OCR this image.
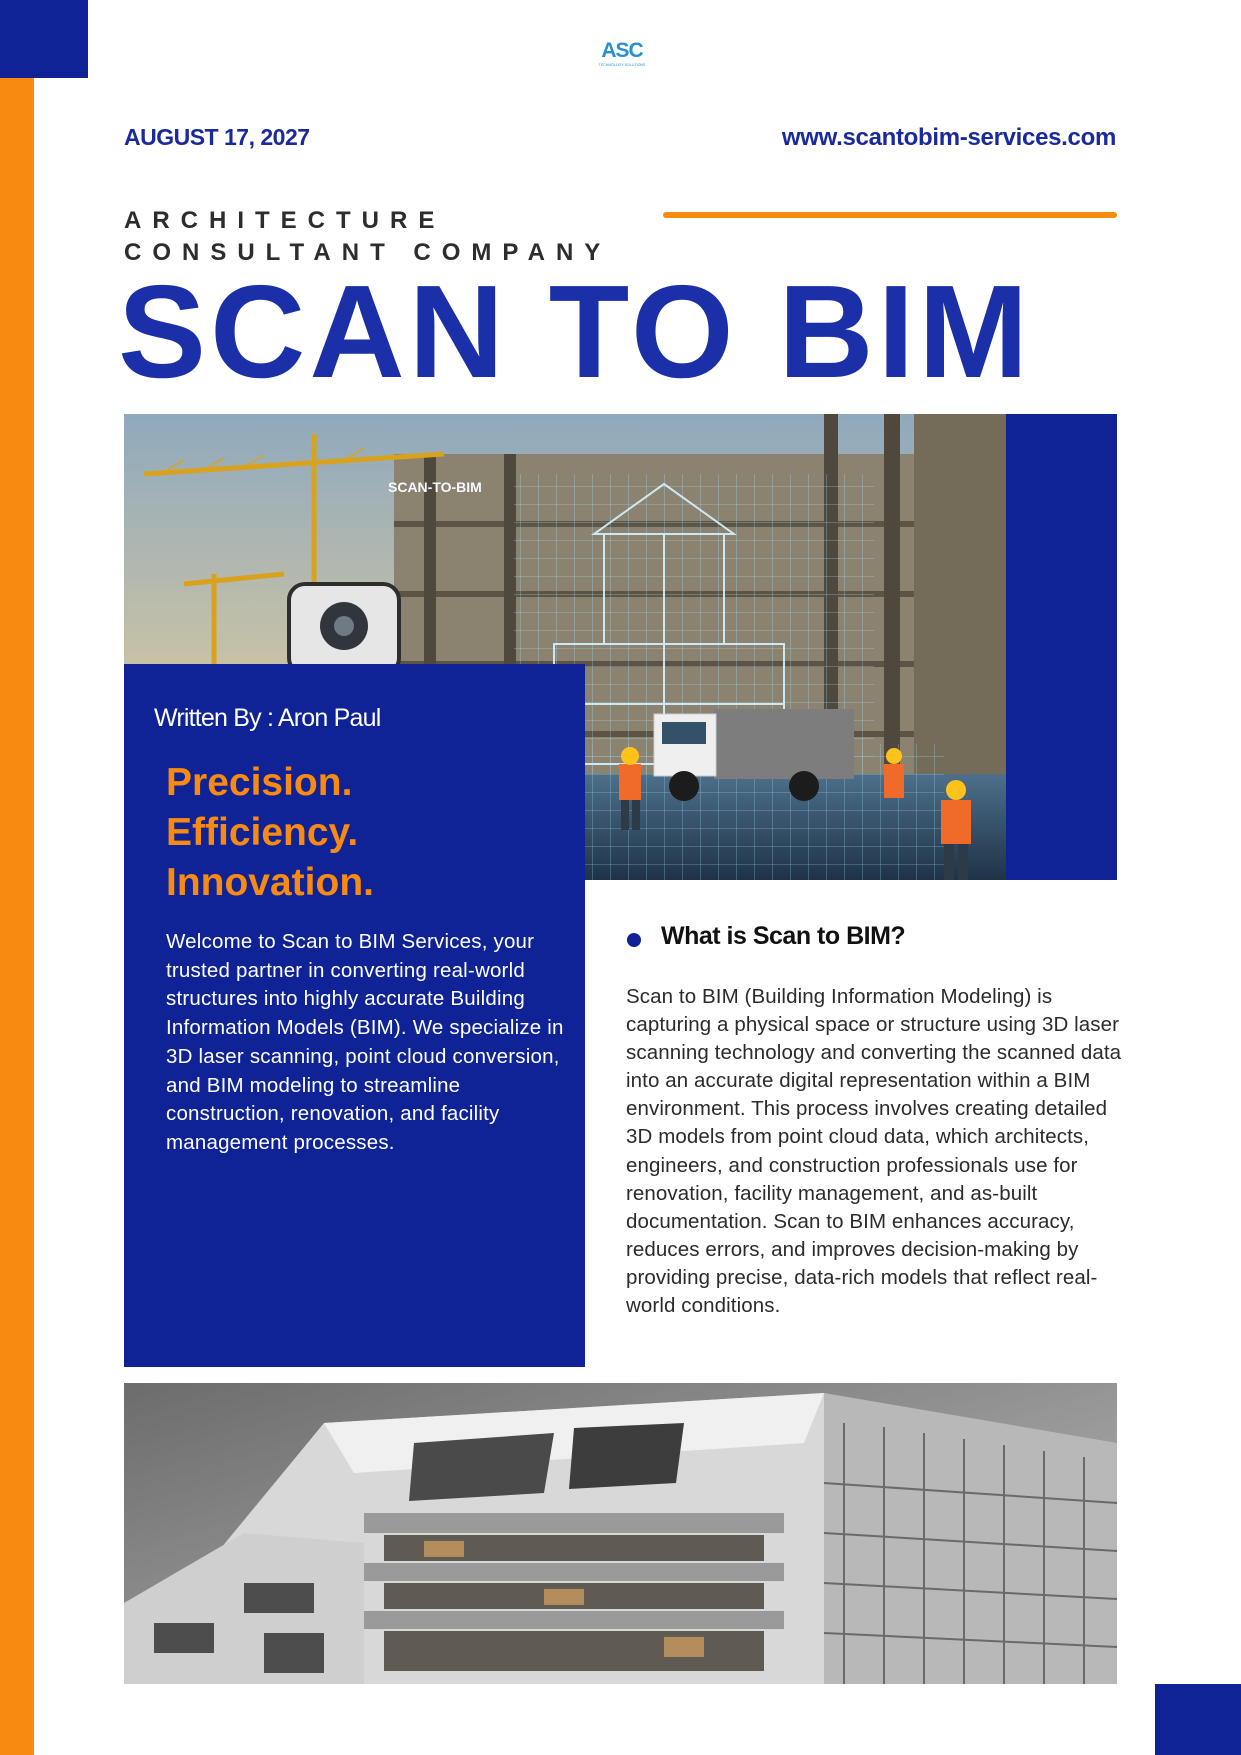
ASC
TECHNOLOGY SOLUTIONS
AUGUST 17, 2027	www.scantobim-services.com
ARCHITECTURE
CONSULTANT COMPANY
SCAN TO BIM
SCAN-TO-BIM
Written By : Aron Paul
Precision.
Efficiency.
Innovation.
Welcome to Scan to BIM Services, your trusted partner in converting real-world structures into highly accurate Building Information Models (BIM). We specialize in 3D laser scanning, point cloud conversion, and BIM modeling to streamline construction, renovation, and facility management processes.
What is Scan to BIM?
Scan to BIM (Building Information Modeling) is capturing a physical space or structure using 3D laser scanning technology and converting the scanned data into an accurate digital representation within a BIM environment. This process involves creating detailed 3D models from point cloud data, which architects, engineers, and construction professionals use for renovation, facility management, and as-built documentation. Scan to BIM enhances accuracy, reduces errors, and improves decision-making by providing precise, data-rich models that reflect real-world conditions.
